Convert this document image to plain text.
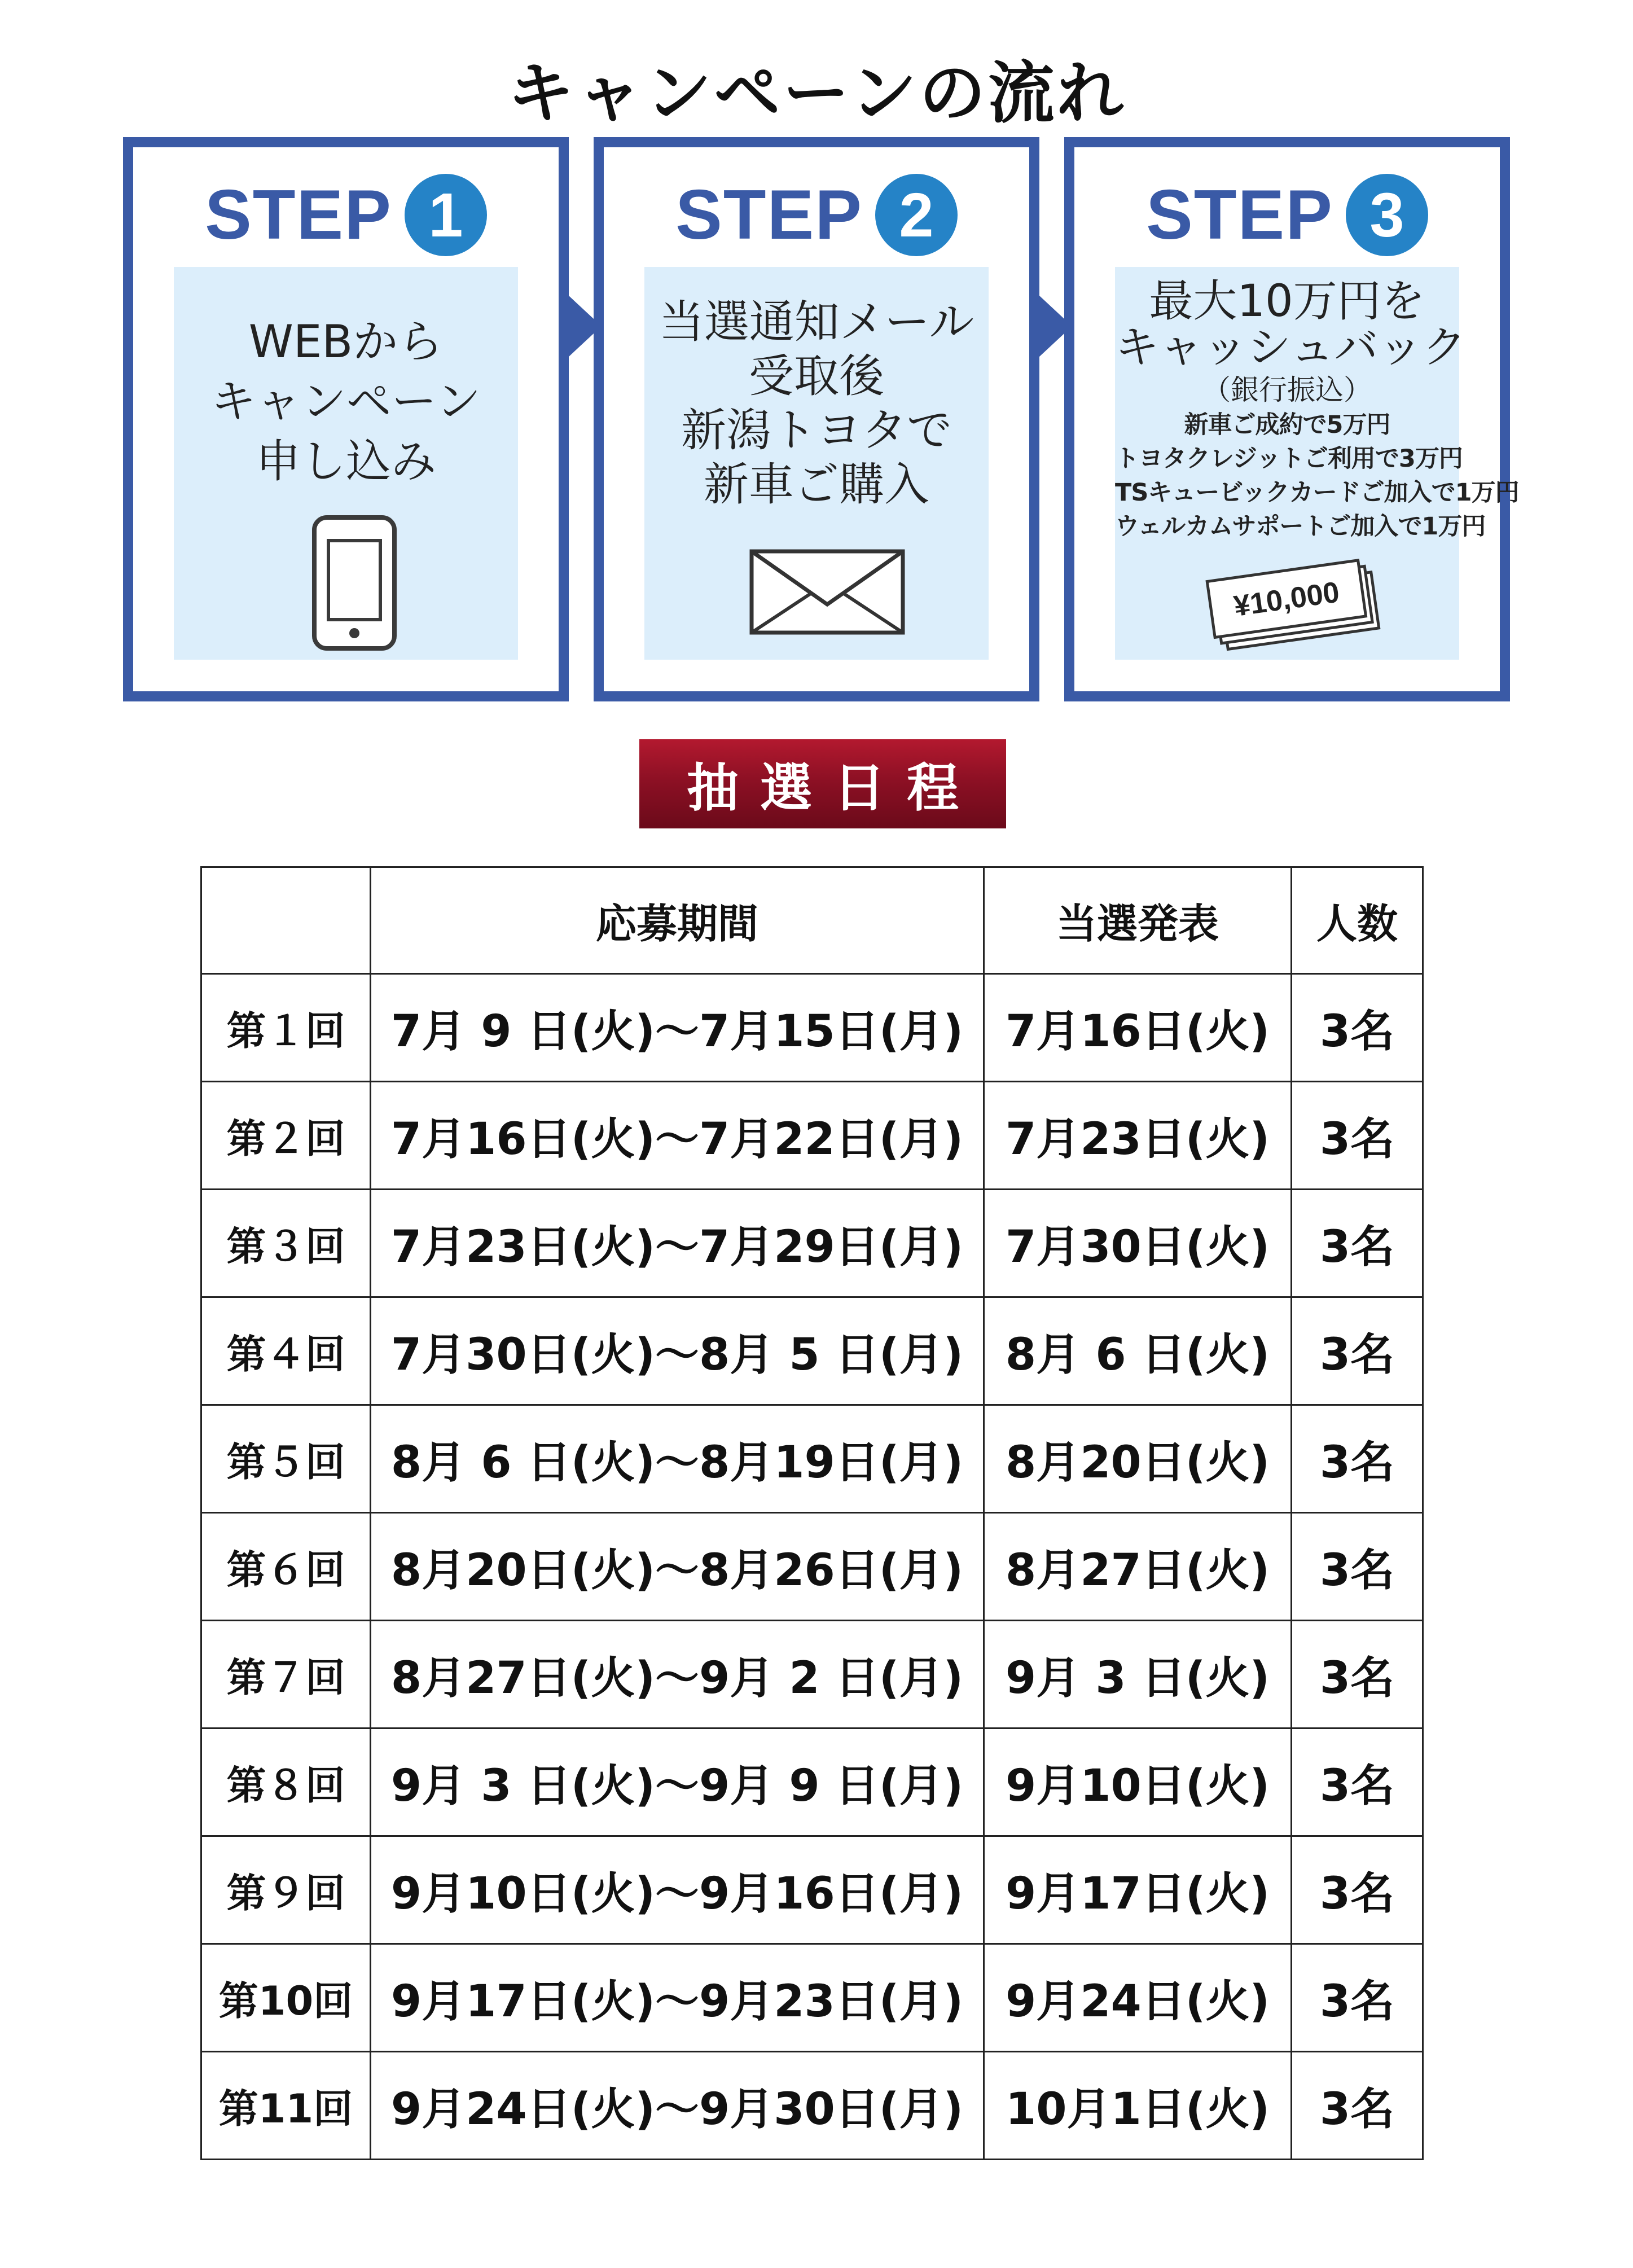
キャンペーンの流れ
STEP 1
WEBから
キャンペーン
申し込み
STEP 2
当選通知メール
受取後
新潟トヨタで
新車ご購入
STEP 3
最大10万円を
キャッシュバック
（銀行振込）
新車ご成約で5万円
トヨタクレジットご利用で3万円
TSキュービックカードご加入で1万円
ウェルカムサポートご加入で1万円
¥10,000
抽選日程
	応募期間	当選発表	人数
第１回	7月 9 日(火)〜7月15日(月)	7月16日(火)	3名
第２回	7月16日(火)〜7月22日(月)	7月23日(火)	3名
第３回	7月23日(火)〜7月29日(月)	7月30日(火)	3名
第４回	7月30日(火)〜8月 5 日(月)	8月 6 日(火)	3名
第５回	8月 6 日(火)〜8月19日(月)	8月20日(火)	3名
第６回	8月20日(火)〜8月26日(月)	8月27日(火)	3名
第７回	8月27日(火)〜9月 2 日(月)	9月 3 日(火)	3名
第８回	9月 3 日(火)〜9月 9 日(月)	9月10日(火)	3名
第９回	9月10日(火)〜9月16日(月)	9月17日(火)	3名
第10回	9月17日(火)〜9月23日(月)	9月24日(火)	3名
第11回	9月24日(火)〜9月30日(月)	10月1日(火)	3名
